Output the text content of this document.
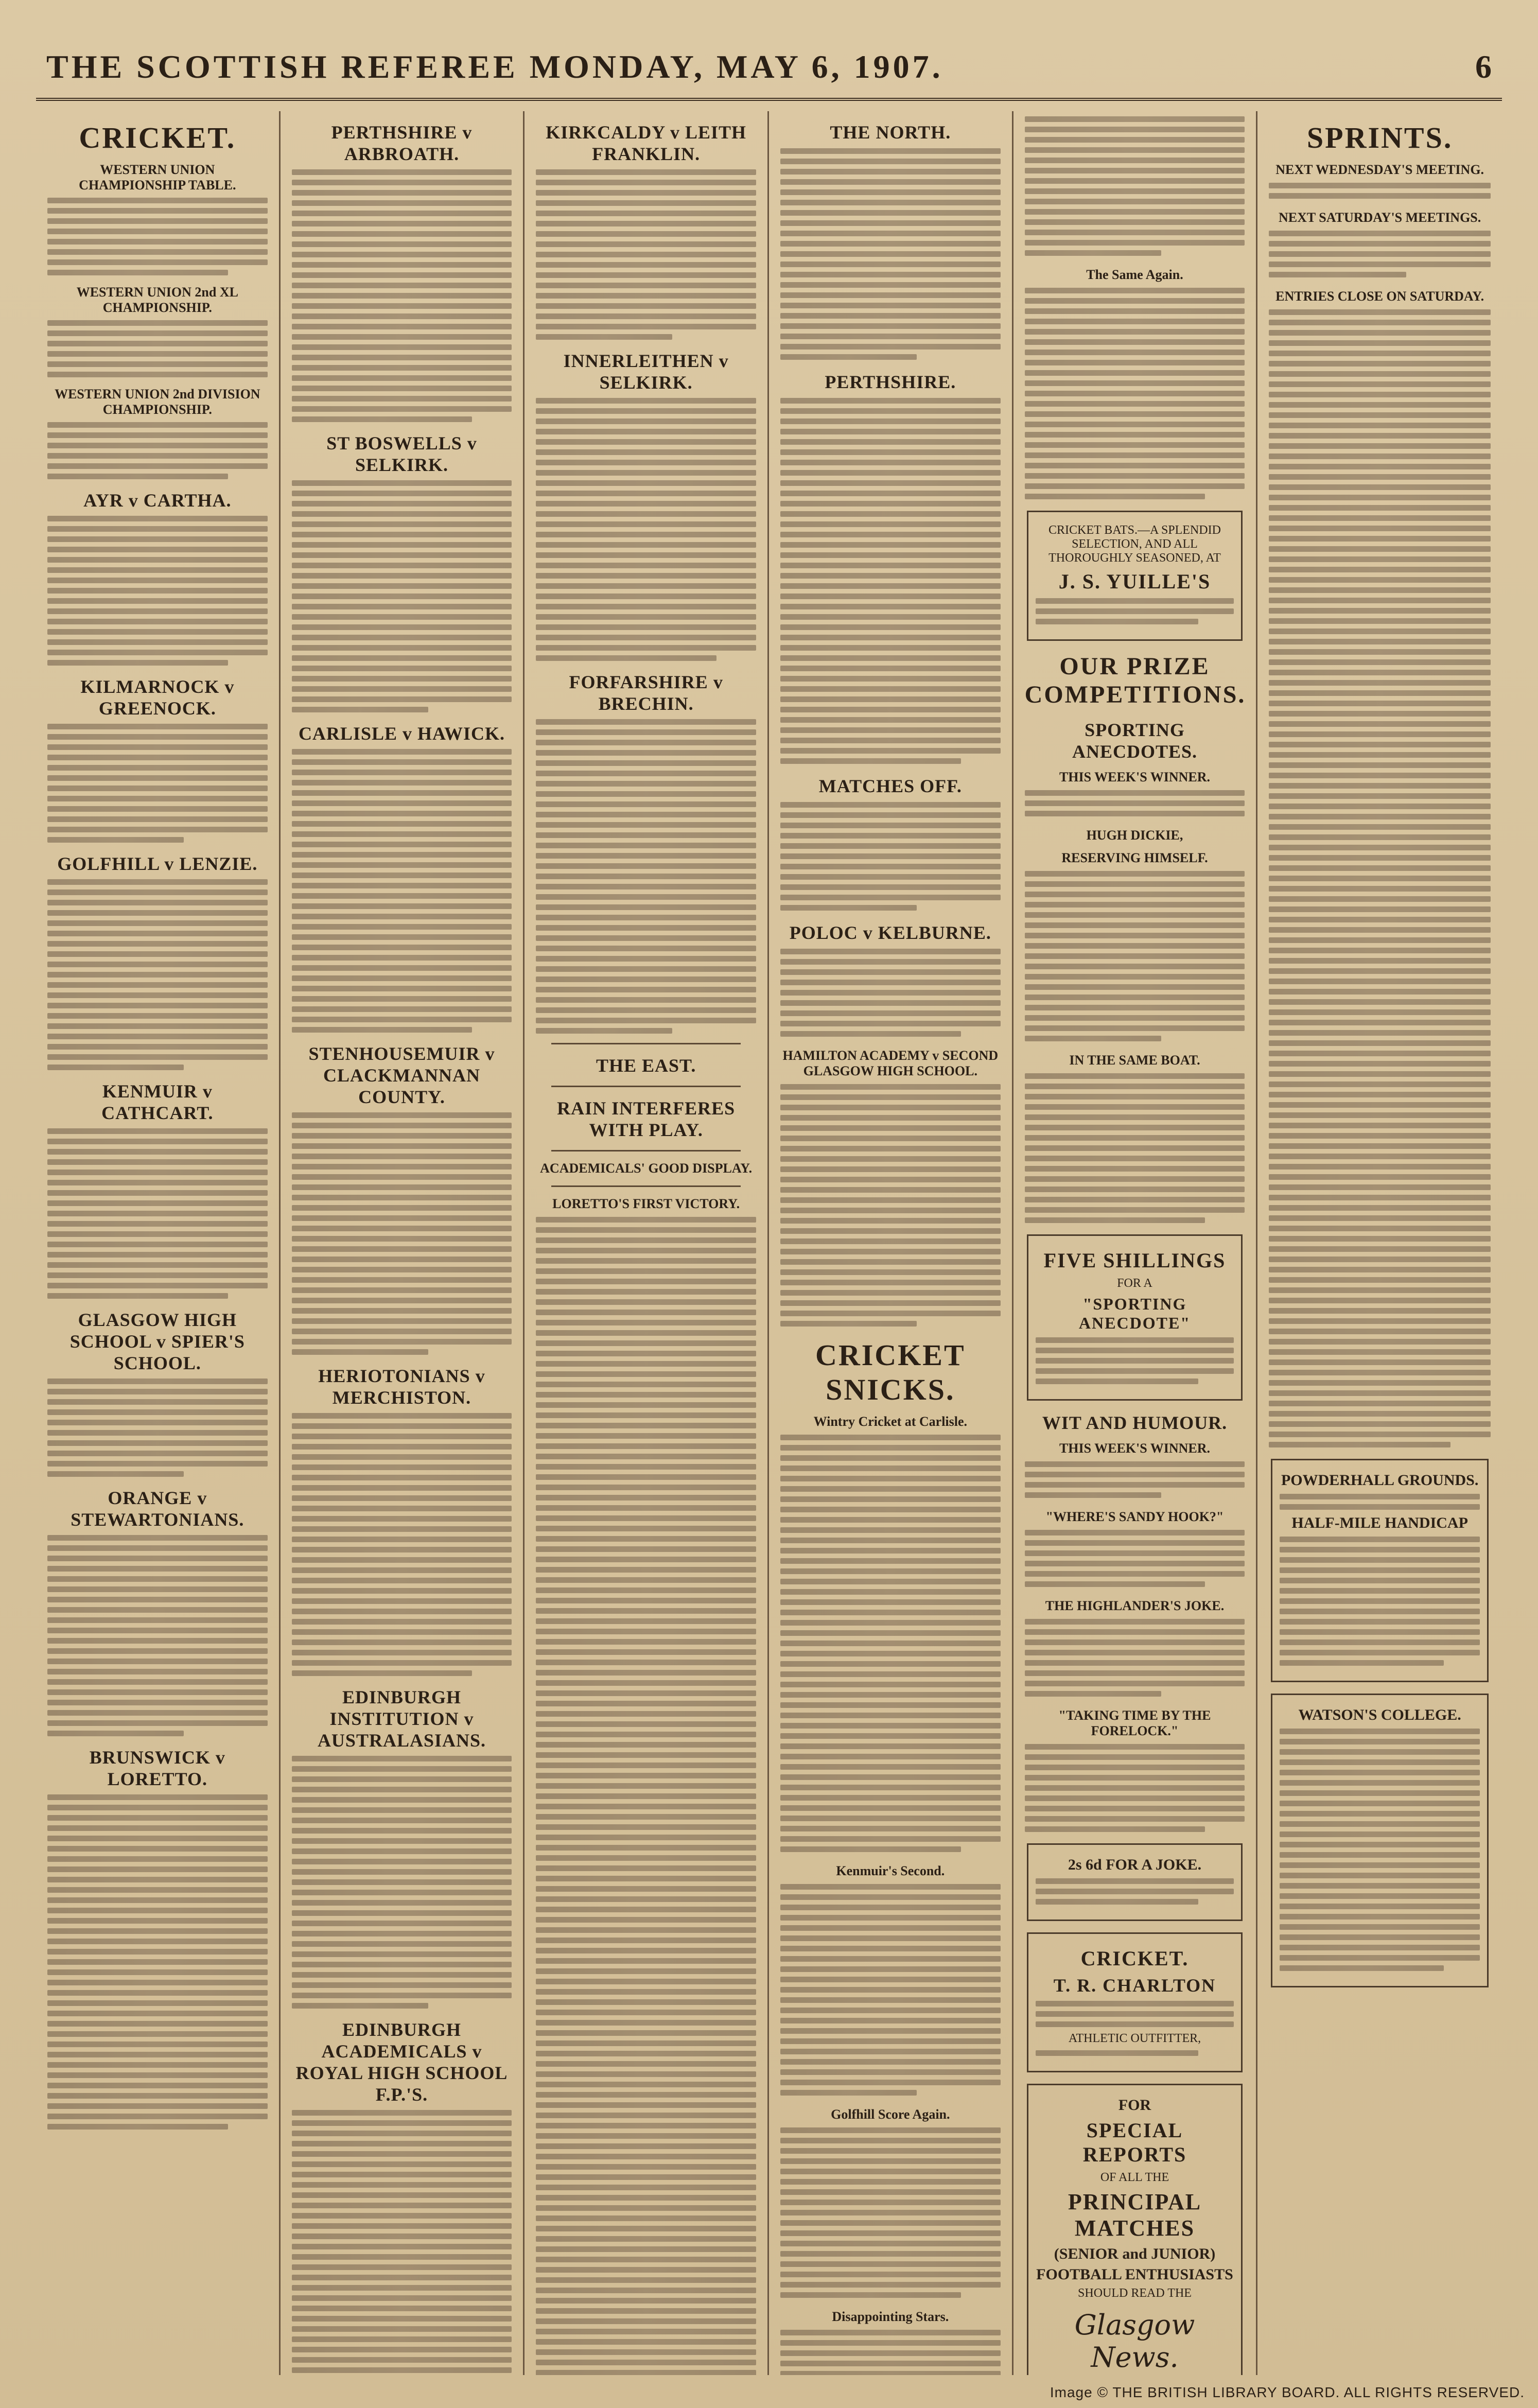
THE SCOTTISH REFEREE MONDAY, MAY 6, 1907.	6
CRICKET.
WESTERN UNION CHAMPIONSHIP TABLE.
WESTERN UNION 2nd XL CHAMPIONSHIP.
WESTERN UNION 2nd DIVISION CHAMPIONSHIP.
AYR v CARTHA.
KILMARNOCK v GREENOCK.
GOLFHILL v LENZIE.
KENMUIR v CATHCART.
GLASGOW HIGH SCHOOL v SPIER'S SCHOOL.
ORANGE v STEWARTONIANS.
BRUNSWICK v LORETTO.
PERTHSHIRE v ARBROATH.
ST BOSWELLS v SELKIRK.
CARLISLE v HAWICK.
STENHOUSEMUIR v CLACKMANNAN COUNTY.
HERIOTONIANS v MERCHISTON.
EDINBURGH INSTITUTION v AUSTRALASIANS.
EDINBURGH ACADEMICALS v ROYAL HIGH SCHOOL F.P.'S.
KIRKCALDY v LEITH FRANKLIN.
INNERLEITHEN v SELKIRK.
FORFARSHIRE v BRECHIN.
THE EAST.
RAIN INTERFERES WITH PLAY.
ACADEMICALS' GOOD DISPLAY.
LORETTO'S FIRST VICTORY.
THE NORTH.
PERTHSHIRE.
MATCHES OFF.
POLOC v KELBURNE.
HAMILTON ACADEMY v SECOND GLASGOW HIGH SCHOOL.
CRICKET SNICKS.
Wintry Cricket at Carlisle.
Kenmuir's Second.
Golfhill Score Again.
Disappointing Stars.
The Same Again.
CRICKET BATS.—A SPLENDID SELECTION, AND ALL THOROUGHLY SEASONED, AT
J. S. YUILLE'S
OUR PRIZE COMPETITIONS.
SPORTING ANECDOTES.
THIS WEEK'S WINNER.
HUGH DICKIE,
RESERVING HIMSELF.
IN THE SAME BOAT.
FIVE SHILLINGS
FOR A
"SPORTING ANECDOTE"
WIT AND HUMOUR.
THIS WEEK'S WINNER.
"WHERE'S SANDY HOOK?"
THE HIGHLANDER'S JOKE.
"TAKING TIME BY THE FORELOCK."
2s 6d FOR A JOKE.
CRICKET.
T. R. CHARLTON
ATHLETIC OUTFITTER,
FOR
SPECIAL REPORTS
OF ALL THE
PRINCIPAL MATCHES
(SENIOR and JUNIOR)
FOOTBALL ENTHUSIASTS
SHOULD READ THE
Glasgow News.
SPRINTS.
NEXT WEDNESDAY'S MEETING.
NEXT SATURDAY'S MEETINGS.
ENTRIES CLOSE ON SATURDAY.
POWDERHALL GROUNDS.
HALF-MILE HANDICAP
WATSON'S COLLEGE.
Image © THE BRITISH LIBRARY BOARD. ALL RIGHTS RESERVED.
